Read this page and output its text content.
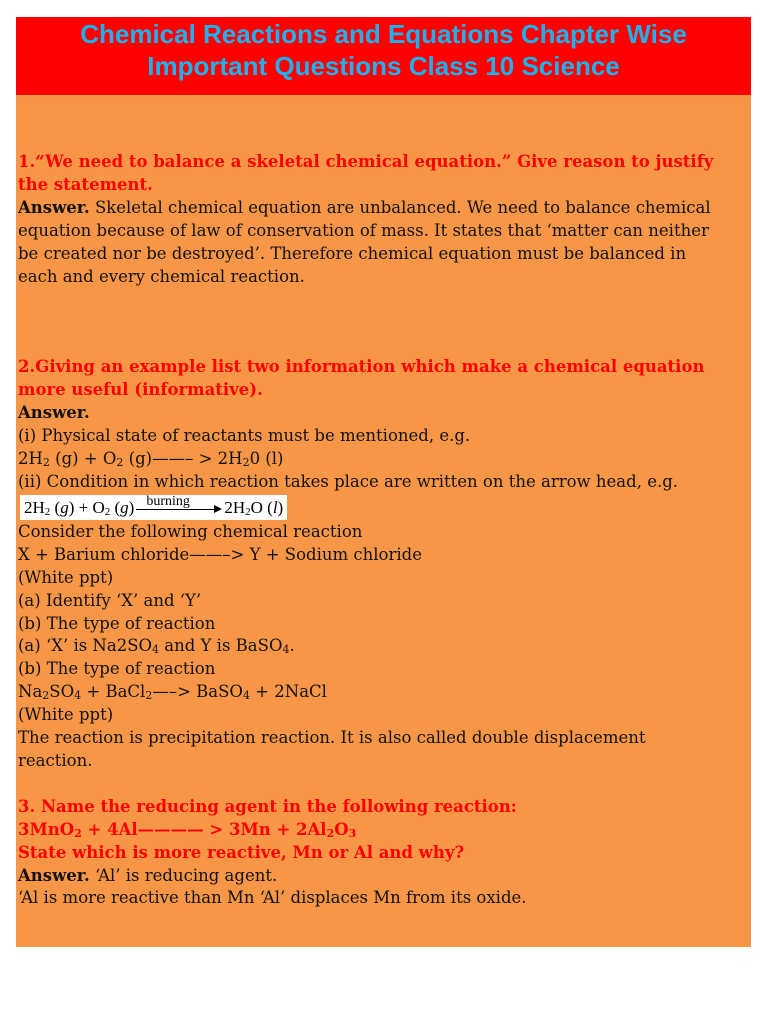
Chemical Reactions and Equations Chapter Wise
Important Questions Class 10 Science
1.“We need to balance a skeletal chemical equation.” Give reason to justify
the statement.
Answer. Skeletal chemical equation are unbalanced. We need to balance chemical
equation because of law of conservation of mass. It states that ‘matter can neither
be created nor be destroyed’. Therefore chemical equation must be balanced in
each and every chemical reaction.
2.Giving an example list two information which make a chemical equation
more useful (informative).
Answer.
(i) Physical state of reactants must be mentioned, e.g.
$2H_2$ $(g) + O_2$ (g)——– > $2H_20$ (l)
(ii) Condition in which reaction takes place are written on the arrow head, e.g.
$2H_2$ $(g) + O_2$ (g) burning $2H_2O$ (l)
Consider the following chemical reaction
X + Barium chloride——–> Y + Sodium chloride
(White ppt)
(a) Identify ‘X’ and ‘Y’
(b) The type of reaction
(a) ‘X’ is $Na2SO_4$ and Y is BaSO$_4$.
(b) The type of reaction
$Na_2SO_4$ + BaCl$_2$—–> BaSO$_4$ + 2NaCl
(White ppt)
The reaction is precipitation reaction. It is also called double displacement
reaction.
3. Name the reducing agent in the following reaction:
3MnO$_2$ + 4Al———— > $3Mn + 2Al_2O_3$
State which is more reactive, Mn or Al and why?
Answer. ‘Al’ is reducing agent.
‘Al is more reactive than Mn ‘Al’ displaces Mn from its oxide.
